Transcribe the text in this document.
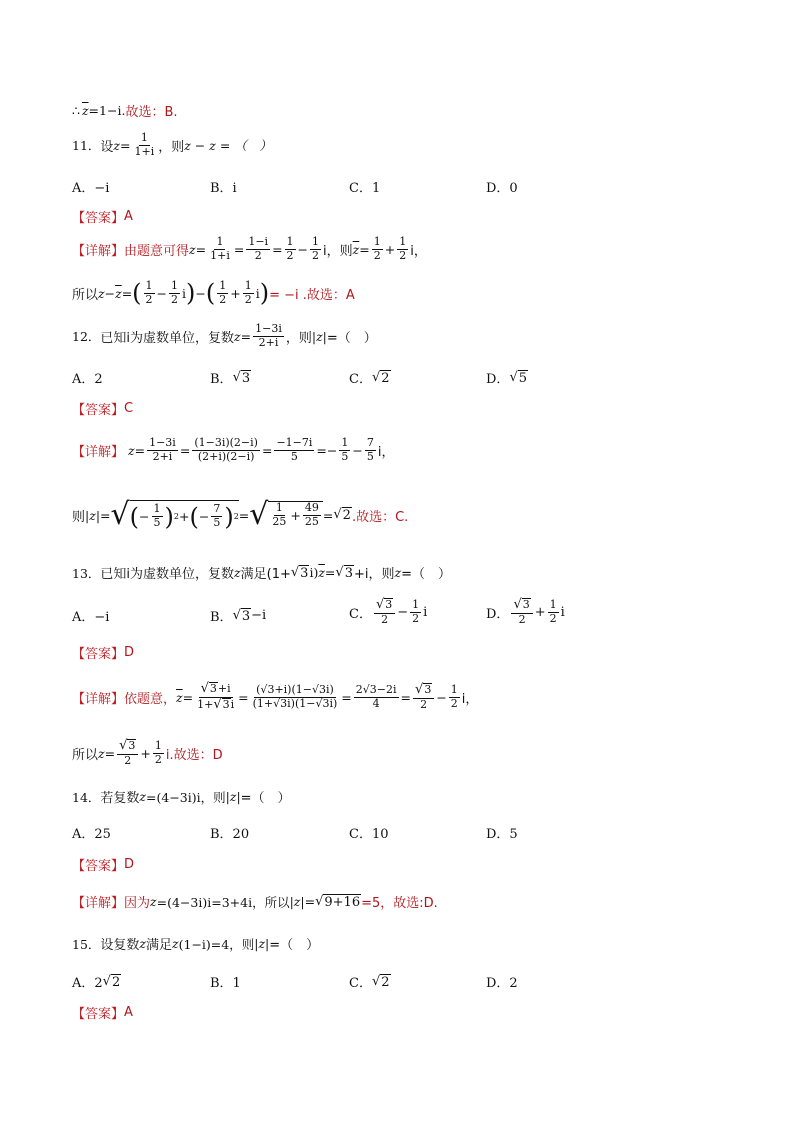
∴ $\overline{z} =1-i$ . 故选：B.
11． 设 $z = \frac{1}{1+i}$ ，则 z − z = （　）
A．−i	B．i	C．1	D．0
【答案】 A
【详解】 由题意可得 $z = \frac{1}{1+i} = \frac{1-i}{2} = \frac{1}{2} - \frac{1}{2}$ i，则 $\overline{z} = \frac{1}{2} + \frac{1}{2}$ i，
所以 $z - \overline{z}$ = ( $\frac{1}{2} - \frac{1}{2}$ i ) − ( $\frac{1}{2} + \frac{1}{2}$ i ) = −i .故选：A
12． 已知i为虚数单位，复数 $z = \frac{1-3i}{2+i}$ ，则 | z | =（　）
A．2	B． √ 3	C． √ 2	D． √ 5
【答案】 C
【详解】 $z = \frac{1-3i}{2+i} = \frac{(1-3i)(2-i)}{(2+i)(2-i)} = \frac{-1-7i}{5} =- \frac{1}{5} - \frac{7}{5}$ i，
则 | z |= √ ( − $\frac{1}{5}$ ) 2 + ( − $\frac{7}{5}$ ) 2 = √ $\frac{1}{25} + \frac{49}{25}$ = √ 2 .故选：C.
13． 已知i为虚数单位，复数 z 满足(1+ √ 3 i) $\overline{z}$ = √ 3 +i，则 z =（　）
A．−i	B． √ 3 −i	C． $\frac{√ 3}{2} - \frac{1}{2}$ i	D． $\frac{√ 3}{2} + \frac{1}{2}$ i
【答案】 D
【详解】 依题意， $\overline{z} = \frac{√ 3 +i}{1+ √ 3 i} = \frac{(√3+i)(1-√3i)}{(1+√3i)(1-√3i)} = \frac{2√3-2i}{4} = \frac{√ 3}{2} - \frac{1}{2}$ i，
所以 $z = \frac{√ 3}{2} + \frac{1}{2} i$.故选：D
14． 若复数 z =(4−3i)i，则 | z | =（　）
A．25	B．20	C．10	D．5
【答案】 D
【详解】 因为 z =(4−3i)i=3+4i，所以 | z | = √ 9+16 =5，故选:D.
15． 设复数 z 满足 z (1−i)=4，则 | z | =（　）
A．2 √ 2	B．1	C． √ 2	D．2
【答案】 A
